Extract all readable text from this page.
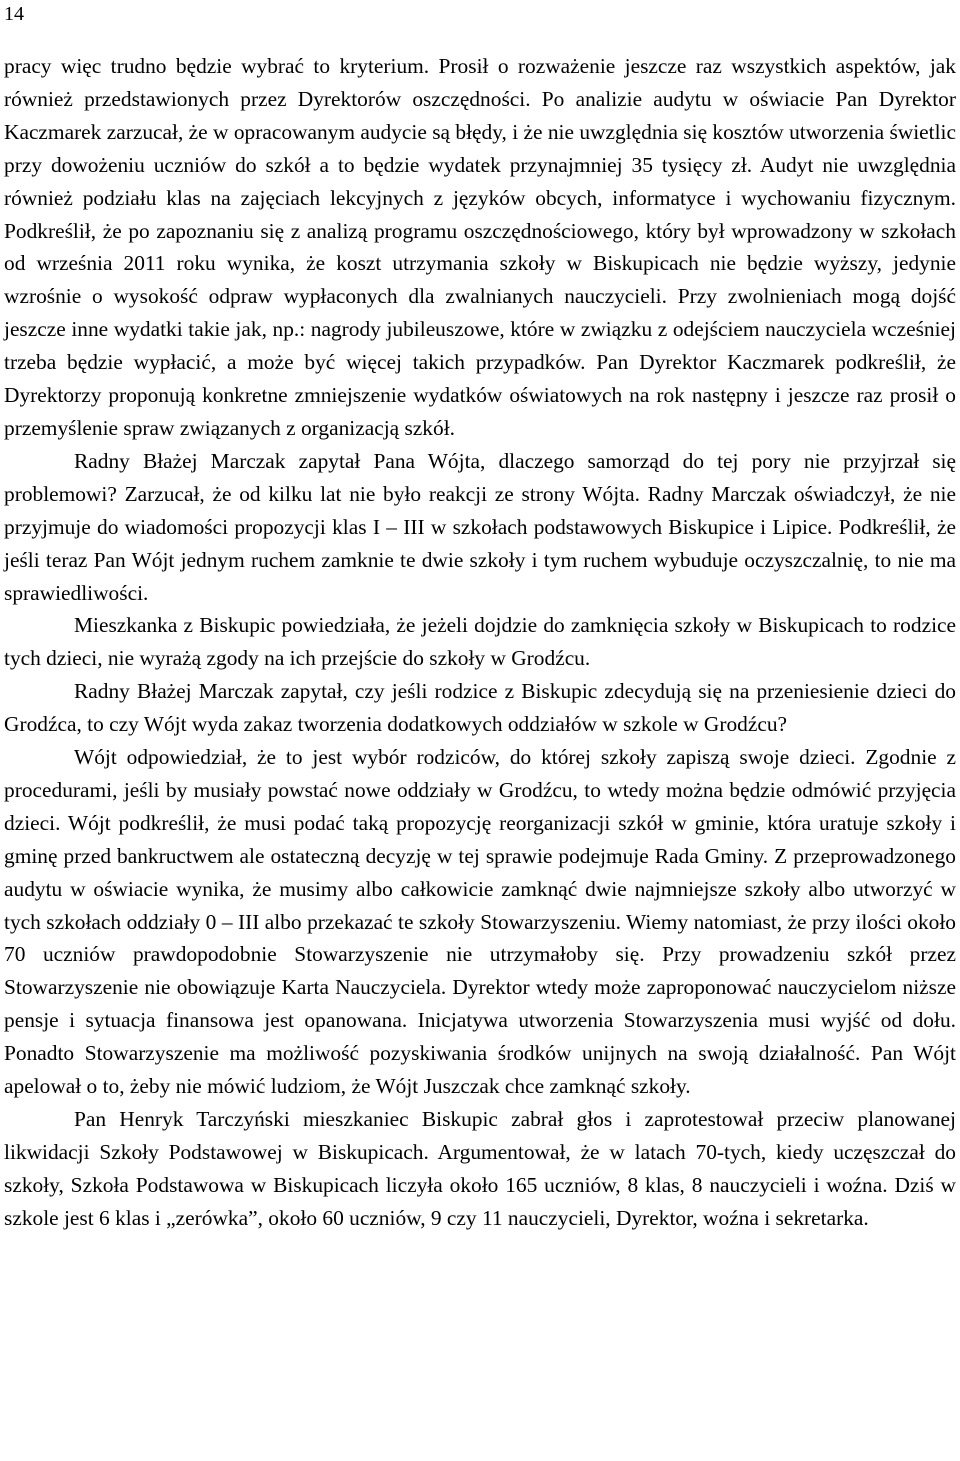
14

pracy więc trudno będzie wybrać to kryterium. Prosił o rozważenie jeszcze raz wszystkich aspektów, jak również przedstawionych przez Dyrektorów oszczędności. Po analizie audytu w oświacie Pan Dyrektor Kaczmarek zarzucał, że w opracowanym audycie są błędy, i że nie uwzględnia się kosztów utworzenia świetlic przy dowożeniu uczniów do szkół a to będzie wydatek przynajmniej 35 tysięcy zł. Audyt nie uwzględnia również podziału klas na zajęciach lekcyjnych z języków obcych, informatyce i wychowaniu fizycznym. Podkreślił, że po zapoznaniu się z analizą programu oszczędnościowego, który był wprowadzony w szkołach od września 2011 roku wynika, że koszt utrzymania szkoły w Biskupicach nie będzie wyższy, jedynie wzrośnie o wysokość odpraw wypłaconych dla zwalnianych nauczycieli. Przy zwolnieniach mogą dojść jeszcze inne wydatki takie jak, np.: nagrody jubileuszowe, które w związku z odejściem nauczyciela wcześniej trzeba będzie wypłacić, a może być więcej takich przypadków. Pan Dyrektor Kaczmarek podkreślił, że Dyrektorzy proponują konkretne zmniejszenie wydatków oświatowych na rok następny i jeszcze raz prosił o przemyślenie spraw związanych z organizacją szkół.

Radny Błażej Marczak zapytał Pana Wójta, dlaczego samorząd do tej pory nie przyjrzał się problemowi? Zarzucał, że od kilku lat nie było reakcji ze strony Wójta. Radny Marczak oświadczył, że nie przyjmuje do wiadomości propozycji klas I – III w szkołach podstawowych Biskupice i Lipice. Podkreślił, że jeśli teraz Pan Wójt jednym ruchem zamknie te dwie szkoły i tym ruchem wybuduje oczyszczalnię, to nie ma sprawiedliwości.

Mieszkanka z Biskupic powiedziała, że jeżeli dojdzie do zamknięcia szkoły w Biskupicach to rodzice tych dzieci, nie wyrażą zgody na ich przejście do szkoły w Grodźcu.

Radny Błażej Marczak zapytał, czy jeśli rodzice z Biskupic zdecydują się na przeniesienie dzieci do Grodźca, to czy Wójt wyda zakaz tworzenia dodatkowych oddziałów w szkole w Grodźcu?

Wójt odpowiedział, że to jest wybór rodziców, do której szkoły zapiszą swoje dzieci. Zgodnie z procedurami, jeśli by musiały powstać nowe oddziały w Grodźcu, to wtedy można będzie odmówić przyjęcia dzieci. Wójt podkreślił, że musi podać taką propozycję reorganizacji szkół w gminie, która uratuje szkoły i gminę przed bankructwem ale ostateczną decyzję w tej sprawie podejmuje Rada Gminy. Z przeprowadzonego audytu w oświacie wynika, że musimy albo całkowicie zamknąć dwie najmniejsze szkoły albo utworzyć w tych szkołach oddziały 0 – III albo przekazać te szkoły Stowarzyszeniu. Wiemy natomiast, że przy ilości około 70 uczniów prawdopodobnie Stowarzyszenie nie utrzymałoby się. Przy prowadzeniu szkół przez Stowarzyszenie nie obowiązuje Karta Nauczyciela. Dyrektor wtedy może zaproponować nauczycielom niższe pensje i sytuacja finansowa jest opanowana. Inicjatywa utworzenia Stowarzyszenia musi wyjść od dołu. Ponadto Stowarzyszenie ma możliwość pozyskiwania środków unijnych na swoją działalność. Pan Wójt apelował o to, żeby nie mówić ludziom, że Wójt Juszczak chce zamknąć szkoły.

Pan Henryk Tarczyński mieszkaniec Biskupic zabrał głos i zaprotestował przeciw planowanej likwidacji Szkoły Podstawowej w Biskupicach. Argumentował, że w latach 70-tych, kiedy uczęszczał do szkoły, Szkoła Podstawowa w Biskupicach liczyła około 165 uczniów, 8 klas, 8 nauczycieli i woźna. Dziś w szkole jest 6 klas i „zerówka”, około 60 uczniów, 9 czy 11 nauczycieli, Dyrektor, woźna i sekretarka.
